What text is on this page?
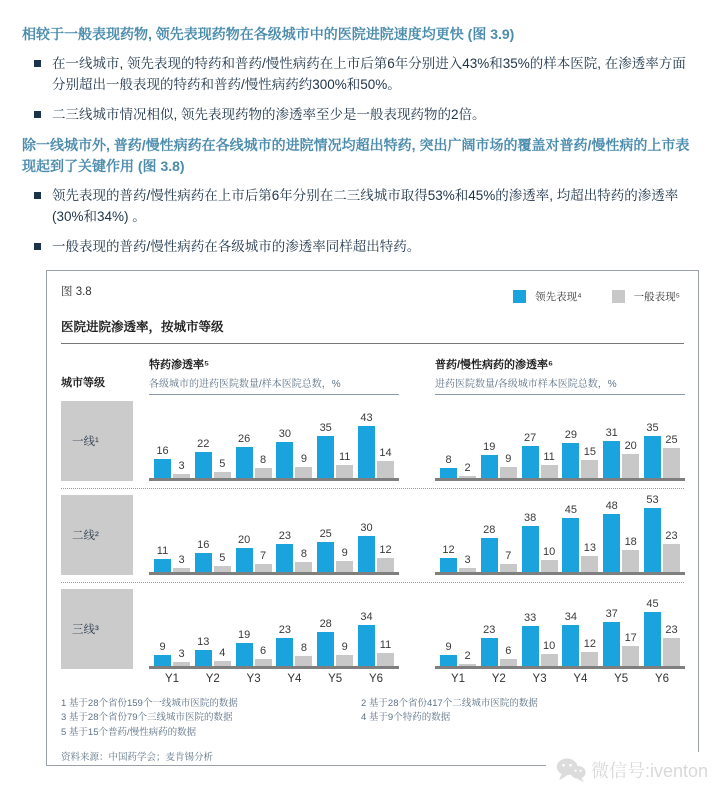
相较于一般表现药物, 领先表现药物在各级城市中的医院进院速度均更快 (图 3.9)

在一线城市, 领先表现的特药和普药/慢性病药在上市后第6年分别进入43%和35%的样本医院, 在渗透率方面分别超出一般表现的特药和普药/慢性病药约300%和50%。
二三线城市情况相似, 领先表现药物的渗透率至少是一般表现药物的2倍。

除一线城市外, 普药/慢性病药在各线城市的进院情况均超出特药, 突出广阔市场的覆盖对普药/慢性病的上市表现起到了关键作用 (图 3.8)

领先表现的普药/慢性病药在上市后第6年分别在二三线城市取得53%和45%的渗透率, 均超出特药的渗透率 (30%和34%) 。
一般表现的普药/慢性病药在各级城市的渗透率同样超出特药。
图 3.8	领先表现⁴	一般表现⁵
医院进院渗透率，按城市等级
城市等级
特药渗透率⁵
各级城市的进药医院数量/样本医院总数，%
普药/慢性病药的渗透率⁶
进药医院数量/各级城市样本医院总数，%
一线¹
16
3
22
5
26
8
30
9
35
11
43
14
8
2
19
9
27
11
29
15
31
20
35
25
二线²
11
3
16
5
20
7
23
8
25
9
30
12	12
3
28
7
38
10
45
13
48
18
53
23
三线³
9
3
13
4
19
6
23
8
28
9
34
11	9
2
23
6
33
10
34
12
37
17
45
23
Y1	Y2	Y3	Y4	Y5	Y6	Y1	Y2	Y3	Y4	Y5	Y6
1 基于28个省份159个一线城市医院的数据
3 基于28个省份79个三线城市医院的数据
5 基于15个普药/慢性病药的数据
2 基于28个省份417个二线城市医院的数据
4 基于9个特药的数据
资料来源：中国药学会；麦肯锡分析
微信号:iventon
